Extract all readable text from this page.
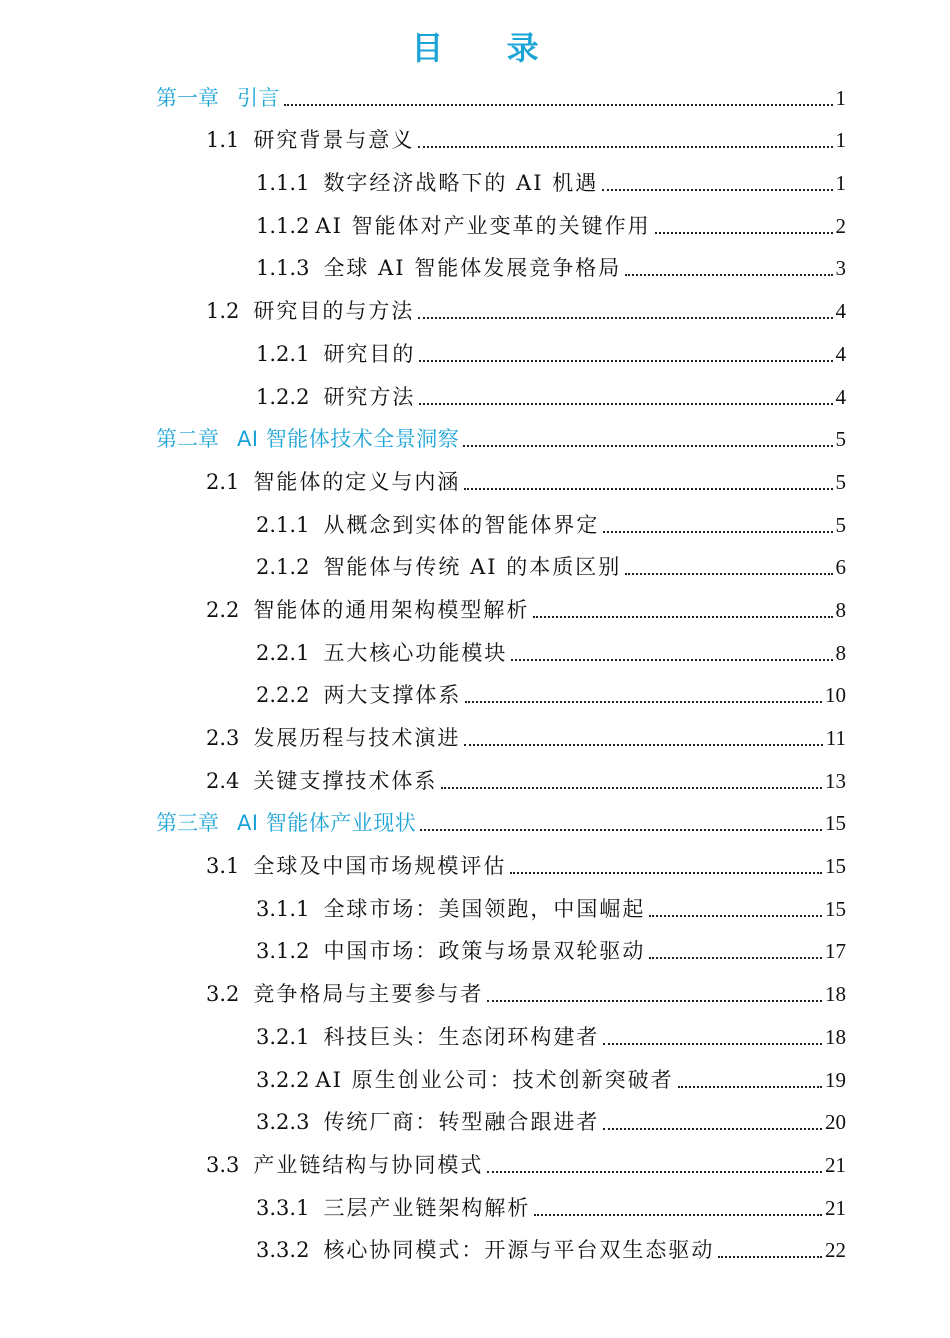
目 录
第一章 引言	1
1.1 研究背景与意义	1
1.1.1 数字经济战略下的 AI 机遇	1
1.1.2 AI 智能体对产业变革的关键作用	2
1.1.3 全球 AI 智能体发展竞争格局	3
1.2 研究目的与方法	4
1.2.1 研究目的	4
1.2.2 研究方法	4
第二章 AI 智能体技术全景洞察	5
2.1 智能体的定义与内涵	5
2.1.1 从概念到实体的智能体界定	5
2.1.2 智能体与传统 AI 的本质区别	6
2.2 智能体的通用架构模型解析	8
2.2.1 五大核心功能模块	8
2.2.2 两大支撑体系	10
2.3 发展历程与技术演进	11
2.4 关键支撑技术体系	13
第三章 AI 智能体产业现状	15
3.1 全球及中国市场规模评估	15
3.1.1 全球市场：美国领跑，中国崛起	15
3.1.2 中国市场：政策与场景双轮驱动	17
3.2 竞争格局与主要参与者	18
3.2.1 科技巨头：生态闭环构建者	18
3.2.2 AI 原生创业公司：技术创新突破者	19
3.2.3 传统厂商：转型融合跟进者	20
3.3 产业链结构与协同模式	21
3.3.1 三层产业链架构解析	21
3.3.2 核心协同模式：开源与平台双生态驱动	22
